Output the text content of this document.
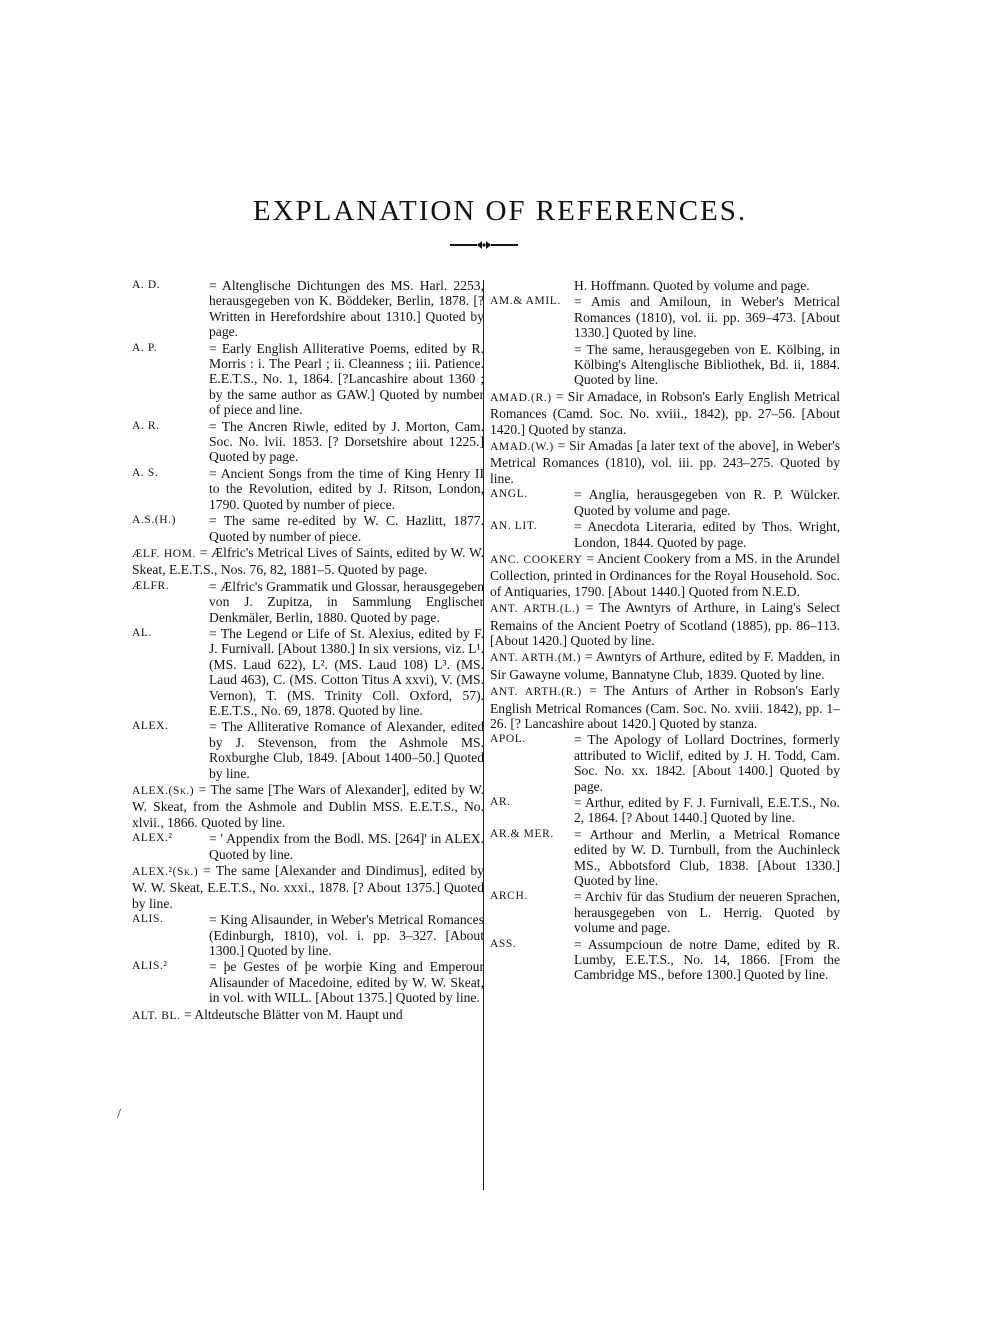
EXPLANATION OF REFERENCES.
/
A. D.	= Altenglische Dichtungen des MS. Harl. 2253, herausgegeben von K. Böddeker, Berlin, 1878. [? Written in Herefordshire about 1310.] Quoted by page.
A. P.	= Early English Alliterative Poems, edited by R. Morris : i. The Pearl ; ii. Cleanness ; iii. Patience. E.E.T.S., No. 1, 1864. [?Lancashire about 1360 ; by the same author as GAW.] Quoted by number of piece and line.
A. R.	= The Ancren Riwle, edited by J. Morton, Cam. Soc. No. lvii. 1853. [? Dorsetshire about 1225.] Quoted by page.
A. S.	= Ancient Songs from the time of King Henry II to the Revolution, edited by J. Ritson, London, 1790. Quoted by number of piece.
A.S.(H.) = The same re-edited by W. C. Hazlitt, 1877. Quoted by number of piece.
ÆLF. HOM. = Ælfric's Metrical Lives of Saints, edited by W. W. Skeat, E.E.T.S., Nos. 76, 82, 1881–5. Quoted by page.
ÆLFR.	= Ælfric's Grammatik und Glossar, herausgegeben von J. Zupitza, in Sammlung Englischer Denkmäler, Berlin, 1880. Quoted by page.
AL.	= The Legend or Life of St. Alexius, edited by F. J. Furnivall. [About 1380.] In six versions, viz. L¹. (MS. Laud 622), L². (MS. Laud 108) L³. (MS. Laud 463), C. (MS. Cotton Titus A xxvi), V. (MS. Vernon), T. (MS. Trinity Coll. Oxford, 57). E.E.T.S., No. 69, 1878. Quoted by line.
ALEX.	= The Alliterative Romance of Alexander, edited by J. Stevenson, from the Ashmole MS. Roxburghe Club, 1849. [About 1400–50.] Quoted by line.
ALEX.(Sk.) = The same [The Wars of Alexander], edited by W. W. Skeat, from the Ashmole and Dublin MSS. E.E.T.S., No. xlvii., 1866. Quoted by line.
ALEX.²	= ' Appendix from the Bodl. MS. [264]' in ALEX. Quoted by line.
ALEX.²(Sk.) = The same [Alexander and Dindimus], edited by W. W. Skeat, E.E.T.S., No. xxxi., 1878. [? About 1375.] Quoted by line.
ALIS.	= King Alisaunder, in Weber's Metrical Romances (Edinburgh, 1810), vol. i. pp. 3–327. [About 1300.] Quoted by line.
ALIS.²	= þe Gestes of þe worþie King and Emperour Alisaunder of Macedoine, edited by W. W. Skeat, in vol. with WILL. [About 1375.] Quoted by line.
ALT. BL. = Altdeutsche Blätter von M. Haupt und
H. Hoffmann. Quoted by volume and page.
AM.& AMIL. = Amis and Amiloun, in Weber's Metrical Romances (1810), vol. ii. pp. 369–473. [About 1330.] Quoted by line.
= The same, herausgegeben von E. Kölbing, in Kölbing's Altenglische Bibliothek, Bd. ii, 1884. Quoted by line.
AMAD.(R.) = Sir Amadace, in Robson's Early English Metrical Romances (Camd. Soc. No. xviii., 1842), pp. 27–56. [About 1420.] Quoted by stanza.
AMAD.(W.) = Sir Amadas [a later text of the above], in Weber's Metrical Romances (1810), vol. iii. pp. 243–275. Quoted by line.
ANGL.	= Anglia, herausgegeben von R. P. Wülcker. Quoted by volume and page.
AN. LIT.	= Anecdota Literaria, edited by Thos. Wright, London, 1844. Quoted by page.
ANC. COOKERY = Ancient Cookery from a MS. in the Arundel Collection, printed in Ordinances for the Royal Household. Soc. of Antiquaries, 1790. [About 1440.] Quoted from N.E.D.
ANT. ARTH.(L.) = The Awntyrs of Arthure, in Laing's Select Remains of the Ancient Poetry of Scotland (1885), pp. 86–113. [About 1420.] Quoted by line.
ANT. ARTH.(M.) = Awntyrs of Arthure, edited by F. Madden, in Sir Gawayne volume, Bannatyne Club, 1839. Quoted by line.
ANT. ARTH.(R.) = The Anturs of Arther in Robson's Early English Metrical Romances (Cam. Soc. No. xviii. 1842), pp. 1–26. [? Lancashire about 1420.] Quoted by stanza.
APOL.	= The Apology of Lollard Doctrines, formerly attributed to Wiclif, edited by J. H. Todd, Cam. Soc. No. xx. 1842. [About 1400.] Quoted by page.
AR.	= Arthur, edited by F. J. Furnivall, E.E.T.S., No. 2, 1864. [? About 1440.] Quoted by line.
AR.& MER. = Arthour and Merlin, a Metrical Romance edited by W. D. Turnbull, from the Auchinleck MS., Abbotsford Club, 1838. [About 1330.] Quoted by line.
ARCH.	= Archiv für das Studium der neueren Sprachen, herausgegeben von L. Herrig. Quoted by volume and page.
ASS.	= Assumpcioun de notre Dame, edited by R. Lumby, E.E.T.S., No. 14, 1866. [From the Cambridge MS., before 1300.] Quoted by line.
